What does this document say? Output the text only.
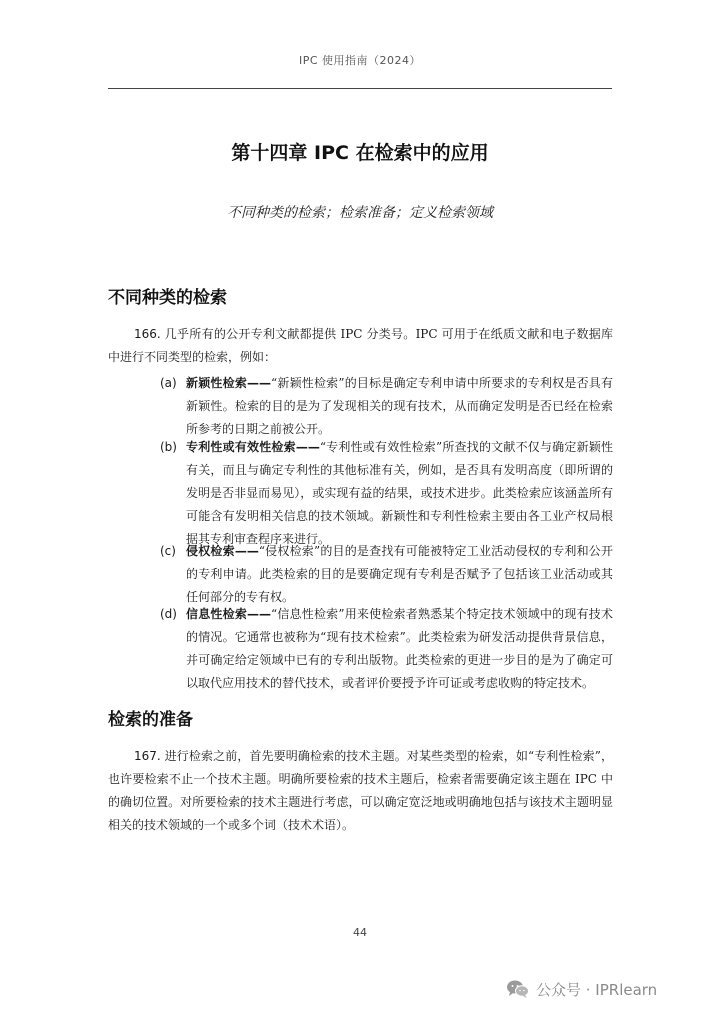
IPC 使用指南（2024）
第十四章 IPC 在检索中的应用
不同种类的检索；检索准备；定义检索领域
不同种类的检索
166. 几乎所有的公开专利文献都提供 IPC 分类号。IPC 可用于在纸质文献和电子数据库中进行不同类型的检索，例如：
(a) 新颖性检索——“新颖性检索”的目标是确定专利申请中所要求的专利权是否具有新颖性。检索的目的是为了发现相关的现有技术，从而确定发明是否已经在检索所参考的日期之前被公开。
(b) 专利性或有效性检索——“专利性或有效性检索”所查找的文献不仅与确定新颖性有关，而且与确定专利性的其他标准有关，例如，是否具有发明高度（即所谓的发明是否非显而易见），或实现有益的结果，或技术进步。此类检索应该涵盖所有可能含有发明相关信息的技术领域。新颖性和专利性检索主要由各工业产权局根据其专利审查程序来进行。
(c) 侵权检索——“侵权检索”的目的是查找有可能被特定工业活动侵权的专利和公开的专利申请。此类检索的目的是要确定现有专利是否赋予了包括该工业活动或其任何部分的专有权。
(d) 信息性检索——“信息性检索”用来使检索者熟悉某个特定技术领域中的现有技术的情况。它通常也被称为“现有技术检索”。此类检索为研发活动提供背景信息，并可确定给定领域中已有的专利出版物。此类检索的更进一步目的是为了确定可以取代应用技术的替代技术，或者评价要授予许可证或考虑收购的特定技术。
检索的准备
167. 进行检索之前，首先要明确检索的技术主题。对某些类型的检索，如“专利性检索”，也许要检索不止一个技术主题。明确所要检索的技术主题后，检索者需要确定该主题在 IPC 中的确切位置。对所要检索的技术主题进行考虑，可以确定宽泛地或明确地包括与该技术主题明显相关的技术领域的一个或多个词（技术术语）。
44
公众号 · IPRlearn
